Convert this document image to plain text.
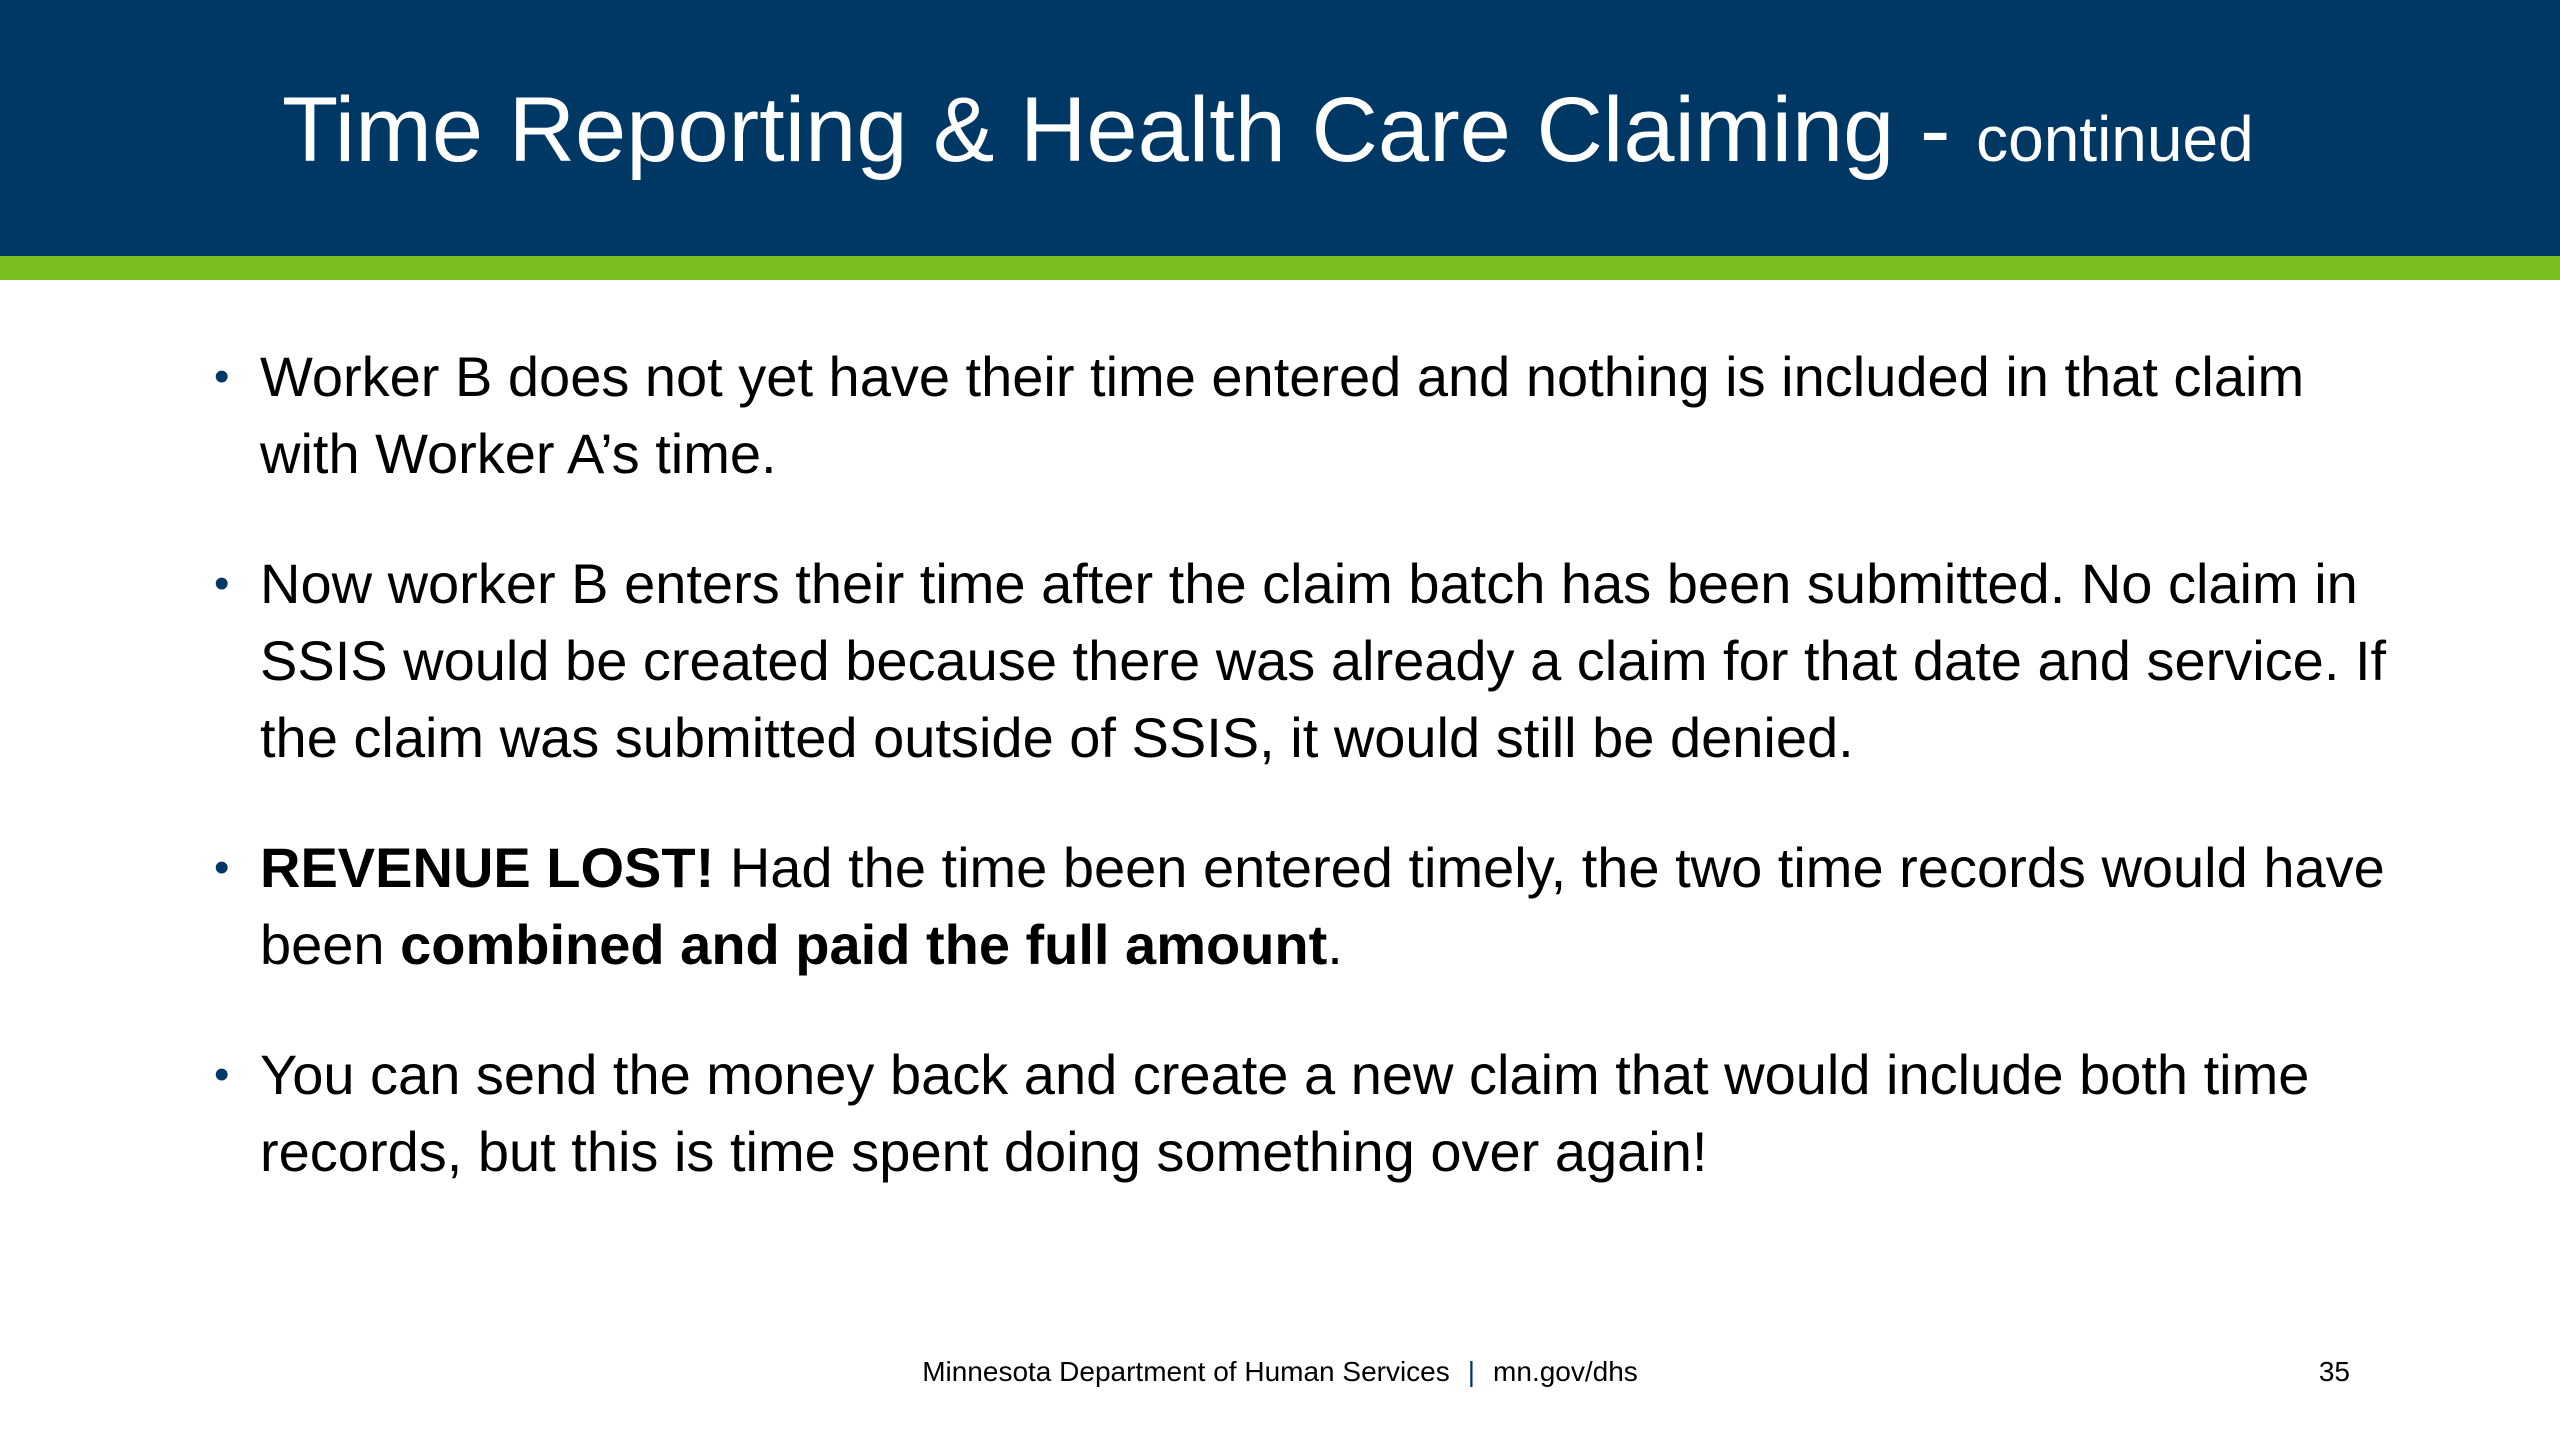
Time Reporting & Health Care Claiming - continued
• Worker B does not yet have their time entered and nothing is included in that claim with Worker A’s time.
• Now worker B enters their time after the claim batch has been submitted. No claim in SSIS would be created because there was already a claim for that date and service. If the claim was submitted outside of SSIS, it would still be denied.
• REVENUE LOST! Had the time been entered timely, the two time records would have been combined and paid the full amount.
• You can send the money back and create a new claim that would include both time records, but this is time spent doing something over again!
Minnesota Department of Human Services | mn.gov/dhs	35
